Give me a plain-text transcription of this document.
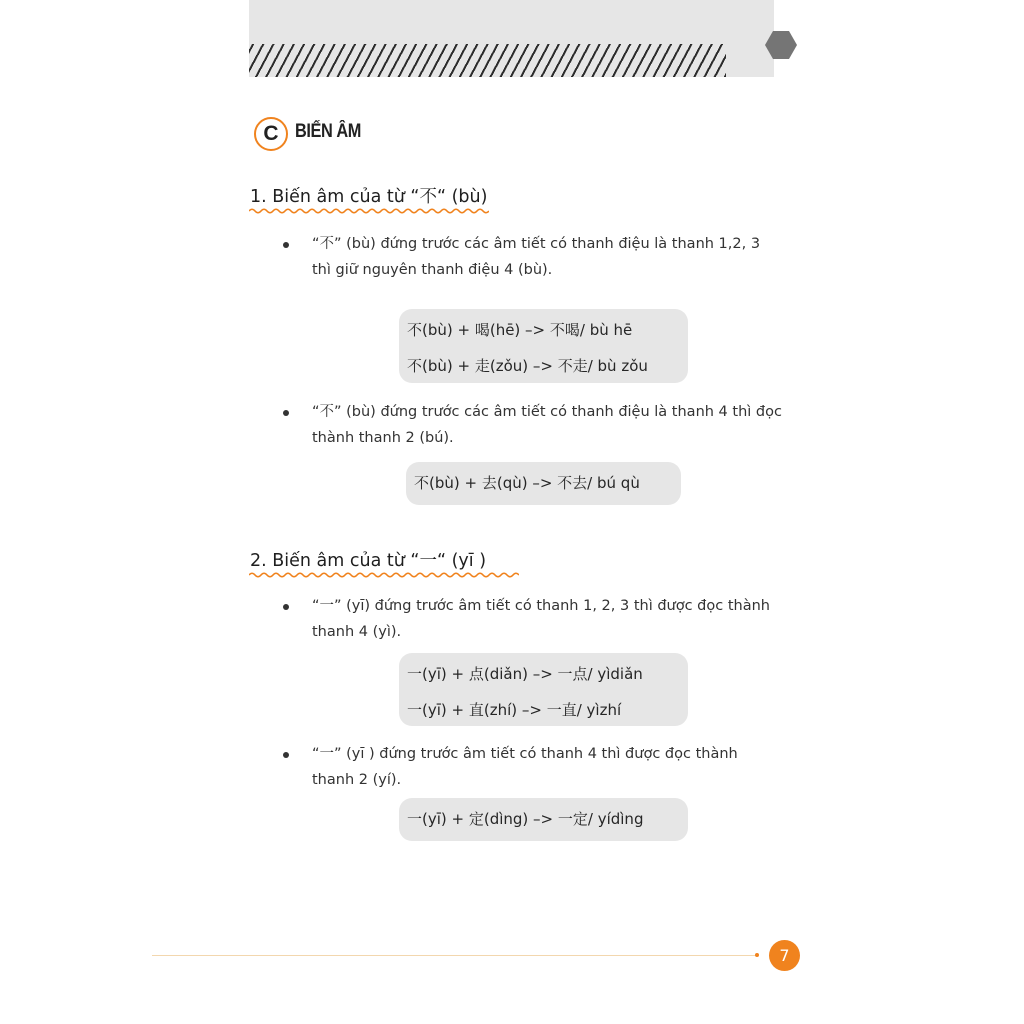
C BIẾN ÂM
1. Biến âm của từ “不“ (bù)
“不” (bù) đứng trước các âm tiết có thanh điệu là thanh 1,2, 3 thì giữ nguyên thanh điệu 4 (bù).
不(bù) + 喝(hē) –> 不喝/ bù hē
不(bù) + 走(zǒu) –> 不走/ bù zǒu
“不” (bù) đứng trước các âm tiết có thanh điệu là thanh 4 thì đọc thành thanh 2 (bú).
不(bù) + 去(qù) –> 不去/ bú qù
2. Biến âm của từ “一“ (yī )
“一” (yī) đứng trước âm tiết có thanh 1, 2, 3 thì được đọc thành thanh 4 (yì).
一(yī) + 点(diǎn) –> 一点/ yìdiǎn
一(yī) + 直(zhí) –> 一直/ yìzhí
“一” (yī ) đứng trước âm tiết có thanh 4 thì được đọc thành thanh 2 (yí).
一(yī) + 定(dìng) –> 一定/ yídìng
7
